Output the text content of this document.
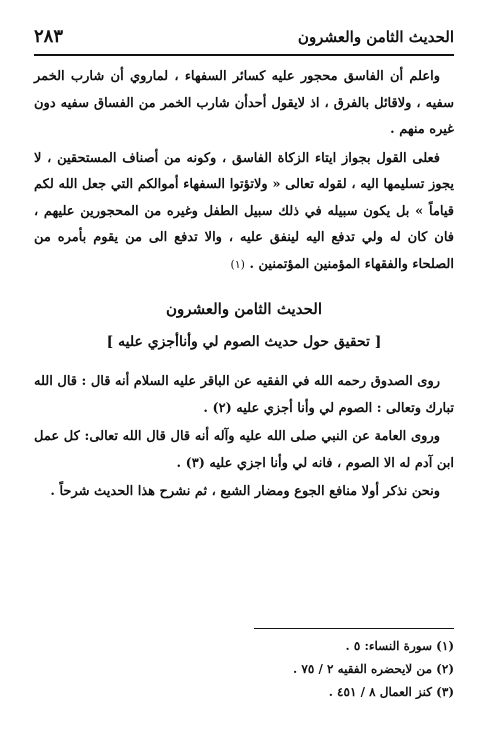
الحديث الثامن والعشرون
٢٨٣

واعلم أن الفاسق محجور عليه كسائر السفهاء ، لماروي أن شارب الخمر سفيه ، ولاقائل بالفرق ، اذ لايقول أحدأن شارب الخمر من الفساق سفيه دون غيره منهم .

فعلى القول بجواز ايتاء الزكاة الفاسق ، وكونه من أصناف المستحقين ، لا يجوز تسليمها اليه ، لقوله تعالى « ولاتؤتوا السفهاء أموالكم التي جعل الله لكم قياماً » بل يكون سبيله في ذلك سبيل الطفل وغيره من المحجورين عليهم ، فان كان له ولي تدفع اليه لينفق عليه ، والا تدفع الى من يقوم بأمره من الصلحاء والفقهاء المؤمنين المؤتمنين . (١)

الحديث الثامن والعشرون
[ تحقيق حول حديث الصوم لي وأناأجزي عليه ]

روى الصدوق رحمه الله في الفقيه عن الباقر عليه السلام أنه قال : قال الله تبارك وتعالى : الصوم لي وأنا أجزي عليه (٢) .

وروى العامة عن النبي صلى الله عليه وآله أنه قال قال الله تعالى: كل عمل ابن آدم له الا الصوم ، فانه لي وأنا اجزي عليه (٣) .

ونحن نذكر أولا منافع الجوع ومضار الشبع ، ثم نشرح هذا الحديث شرحاً .

(١) سورة النساء: ٥ .
(٢) من لايحضره الفقيه ٢ / ٧٥ .
(٣) كنز العمال ٨ / ٤٥١ .
